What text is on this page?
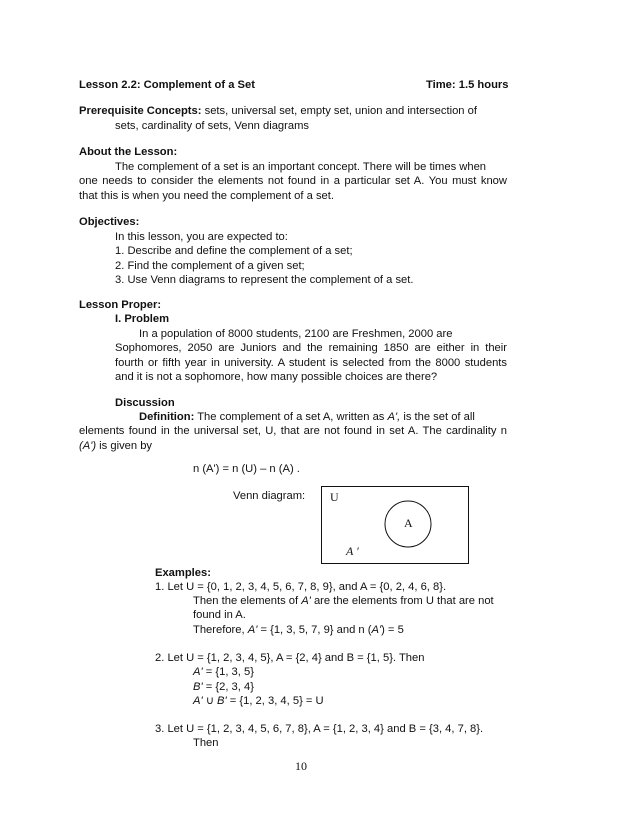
Lesson 2.2: Complement of a Set	Time: 1.5 hours
Prerequisite Concepts: sets, universal set, empty set, union and intersection of
sets, cardinality of sets, Venn diagrams
About the Lesson:
The complement of a set is an important concept. There will be times when
one needs to consider the elements not found in a particular set A. You must know
that this is when you need the complement of a set.
Objectives:
In this lesson, you are expected to:
1. Describe and define the complement of a set;
2. Find the complement of a given set;
3. Use Venn diagrams to represent the complement of a set.
Lesson Proper:
I. Problem
In a population of 8000 students, 2100 are Freshmen, 2000 are
Sophomores, 2050 are Juniors and the remaining 1850 are either in their
fourth or fifth year in university. A student is selected from the 8000 students
and it is not a sophomore, how many possible choices are there?
Discussion
Definition: The complement of a set A, written as A', is the set of all
elements found in the universal set, U, that are not found in set A. The cardinality n
(A') is given by
n (A') = n (U) – n (A) .
Venn diagram: U
A
A '
Examples:
1. Let U = {0, 1, 2, 3, 4, 5, 6, 7, 8, 9}, and A = {0, 2, 4, 6, 8}.
Then the elements of A' are the elements from U that are not
found in A.
Therefore, A' = {1, 3, 5, 7, 9} and n (A') = 5
2. Let U = {1, 2, 3, 4, 5}, A = {2, 4} and B = {1, 5}. Then
A' = {1, 3, 5}
B' = {2, 3, 4}
A' ∪ B' = {1, 2, 3, 4, 5} = U
3. Let U = {1, 2, 3, 4, 5, 6, 7, 8}, A = {1, 2, 3, 4} and B = {3, 4, 7, 8}.
Then
10
